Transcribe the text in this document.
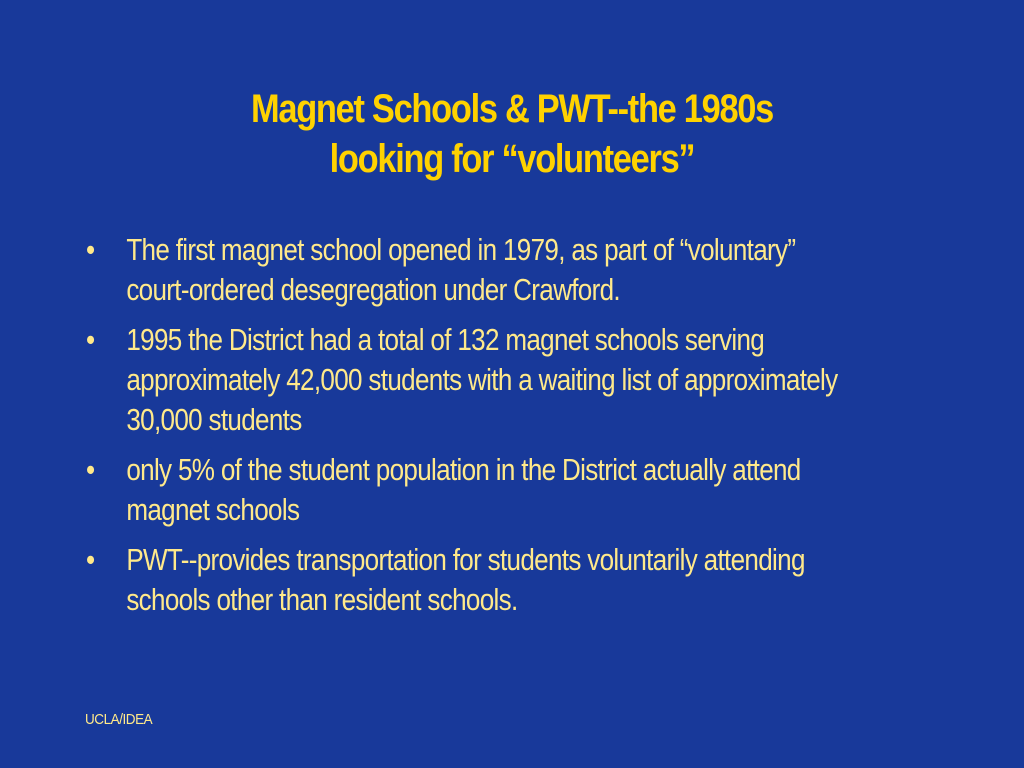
Magnet Schools & PWT--the 1980s
looking for “volunteers”
•	The first magnet school opened in 1979, as part of “voluntary”
court-ordered desegregation under Crawford.
•	1995 the District had a total of 132 magnet schools serving
approximately 42,000 students with a waiting list of approximately
30,000 students
•	only 5% of the student population in the District actually attend
magnet schools
•	PWT--provides transportation for students voluntarily attending
schools other than resident schools.
UCLA/IDEA
